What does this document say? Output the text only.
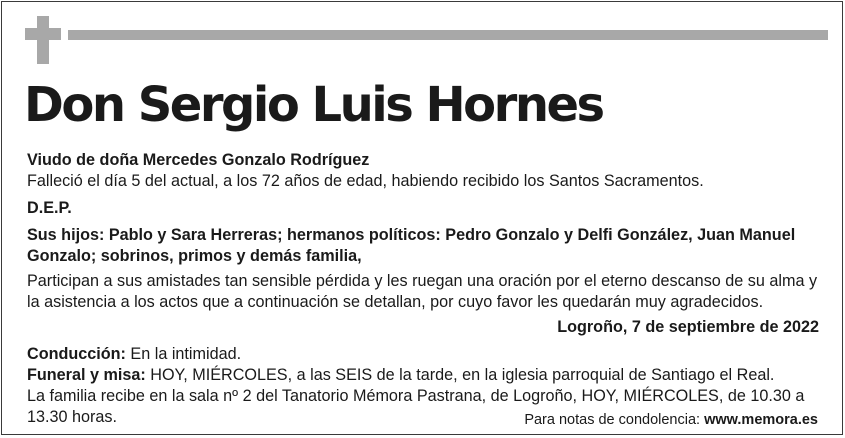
Don Sergio Luis Hornes

Viudo de doña Mercedes Gonzalo Rodríguez

Falleció el día 5 del actual, a los 72 años de edad, habiendo recibido los Santos Sacramentos.

D.E.P.

Sus hijos: Pablo y Sara Herreras; hermanos políticos: Pedro Gonzalo y Delfi González, Juan Manuel Gonzalo; sobrinos, primos y demás familia,

Participan a sus amistades tan sensible pérdida y les ruegan una oración por el eterno descanso de su alma y la asistencia a los actos que a continuación se detallan, por cuyo favor les quedarán muy agradecidos.

Logroño, 7 de septiembre de 2022

Conducción: En la intimidad.

Funeral y misa: HOY, MIÉRCOLES, a las SEIS de la tarde, en la iglesia parroquial de Santiago el Real.

La familia recibe en la sala nº 2 del Tanatorio Mémora Pastrana, de Logroño, HOY, MIÉRCOLES, de 10.30 a 13.30 horas.	Para notas de condolencia: www.memora.es
